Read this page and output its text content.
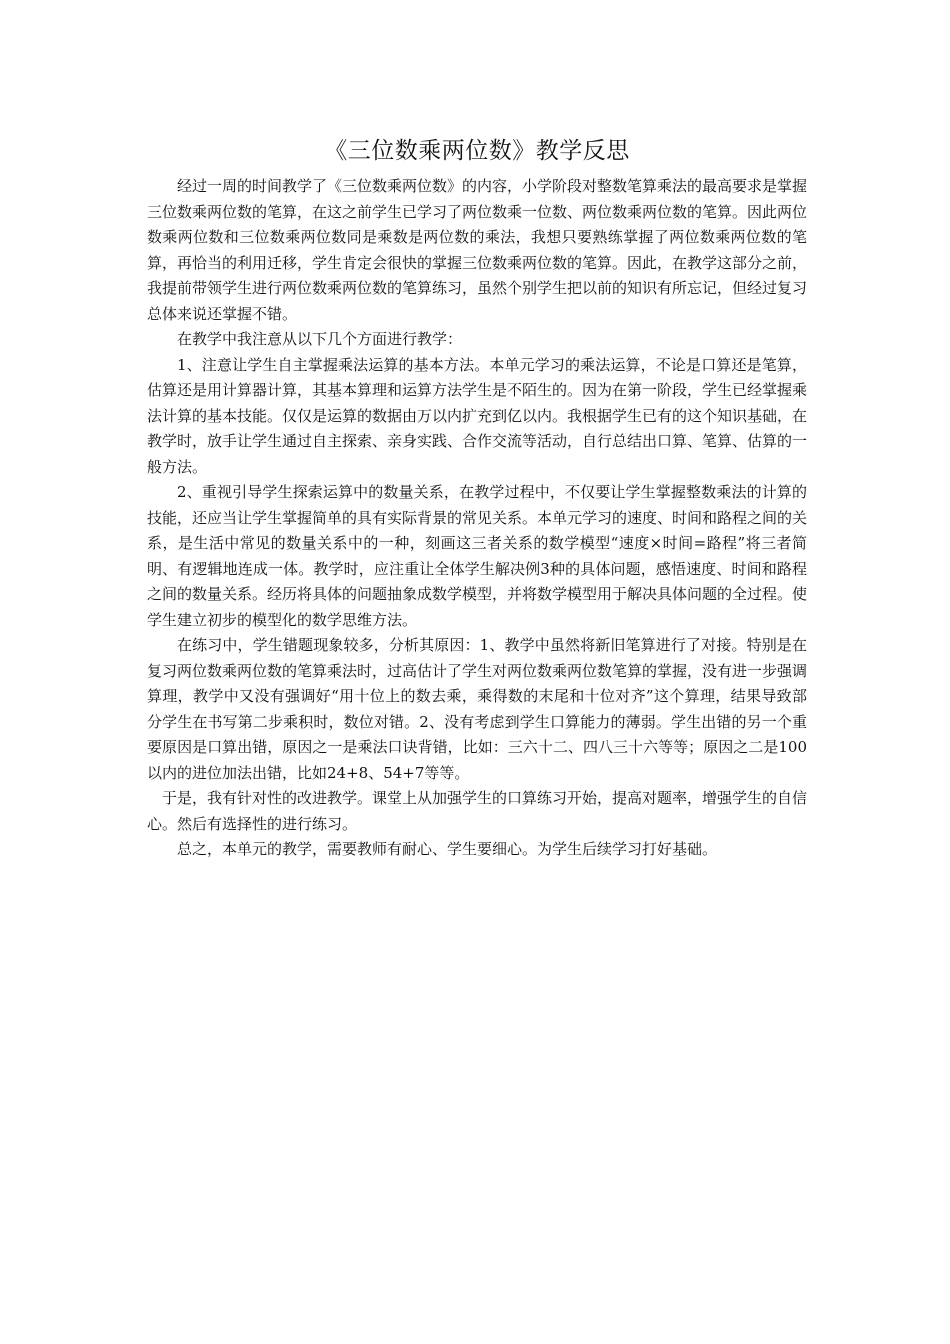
《三位数乘两位数》教学反思

经过一周的时间教学了《三位数乘两位数》的内容，小学阶段对整数笔算乘法的最高要求是掌握三位数乘两位数的笔算，在这之前学生已学习了两位数乘一位数、两位数乘两位数的笔算。因此两位数乘两位数和三位数乘两位数同是乘数是两位数的乘法，我想只要熟练掌握了两位数乘两位数的笔算，再恰当的利用迁移，学生肯定会很快的掌握三位数乘两位数的笔算。因此，在教学这部分之前，我提前带领学生进行两位数乘两位数的笔算练习，虽然个别学生把以前的知识有所忘记，但经过复习总体来说还掌握不错。

在教学中我注意从以下几个方面进行教学：

1、注意让学生自主掌握乘法运算的基本方法。本单元学习的乘法运算，不论是口算还是笔算，估算还是用计算器计算，其基本算理和运算方法学生是不陌生的。因为在第一阶段，学生已经掌握乘法计算的基本技能。仅仅是运算的数据由万以内扩充到亿以内。我根据学生已有的这个知识基础，在教学时，放手让学生通过自主探索、亲身实践、合作交流等活动，自行总结出口算、笔算、估算的一般方法。

2、重视引导学生探索运算中的数量关系，在教学过程中，不仅要让学生掌握整数乘法的计算的技能，还应当让学生掌握简单的具有实际背景的常见关系。本单元学习的速度、时间和路程之间的关系，是生活中常见的数量关系中的一种，刻画这三者关系的数学模型“速度×时间=路程”将三者简明、有逻辑地连成一体。教学时，应注重让全体学生解决例3种的具体问题，感悟速度、时间和路程之间的数量关系。经历将具体的问题抽象成数学模型，并将数学模型用于解决具体问题的全过程。使学生建立初步的模型化的数学思维方法。

在练习中，学生错题现象较多，分析其原因：1、教学中虽然将新旧笔算进行了对接。特别是在复习两位数乘两位数的笔算乘法时，过高估计了学生对两位数乘两位数笔算的掌握，没有进一步强调算理，教学中又没有强调好“用十位上的数去乘，乘得数的末尾和十位对齐”这个算理，结果导致部分学生在书写第二步乘积时，数位对错。2、没有考虑到学生口算能力的薄弱。学生出错的另一个重要原因是口算出错，原因之一是乘法口诀背错，比如：三六十二、四八三十六等等；原因之二是100以内的进位加法出错，比如24+8、54+7等等。

于是，我有针对性的改进教学。课堂上从加强学生的口算练习开始，提高对题率，增强学生的自信心。然后有选择性的进行练习。

总之，本单元的教学，需要教师有耐心、学生要细心。为学生后续学习打好基础。
